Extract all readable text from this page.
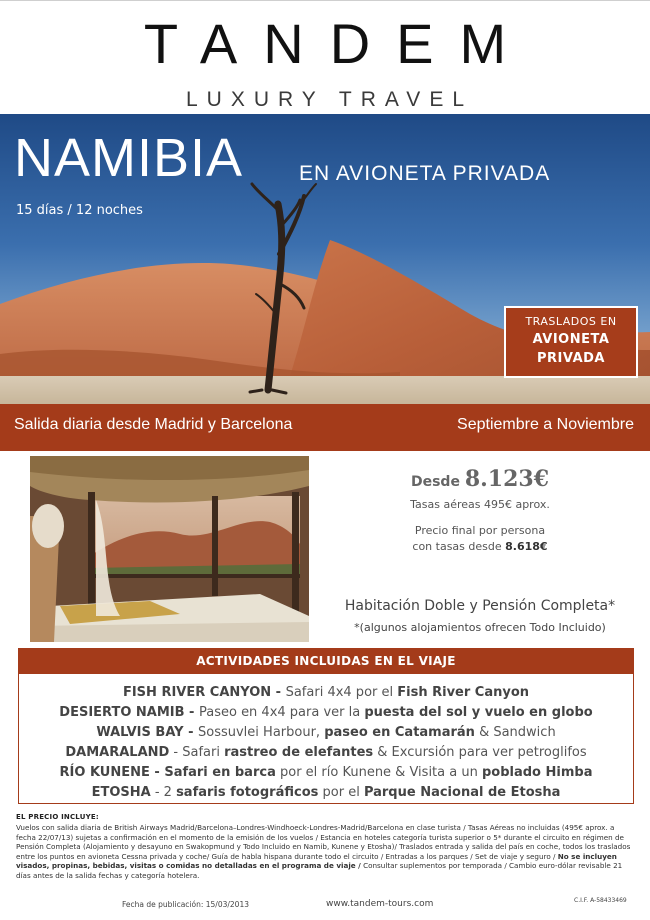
TANDEM
LUXURY TRAVEL
NAMIBIA	EN AVIONETA PRIVADA
15 días / 12 noches
TRASLADOS EN
AVIONETA
PRIVADA
Salida diaria desde Madrid y Barcelona	Septiembre a Noviembre
Desde 8.123€
Tasas aéreas 495€ aprox.
Precio final por persona
con tasas desde 8.618€
Habitación Doble y Pensión Completa*
*(algunos alojamientos ofrecen Todo Incluido)
ACTIVIDADES INCLUIDAS EN EL VIAJE
FISH RIVER CANYON - Safari 4x4 por el Fish River Canyon
DESIERTO NAMIB - Paseo en 4x4 para ver la puesta del sol y vuelo en globo
WALVIS BAY - Sossuvlei Harbour, paseo en Catamarán & Sandwich
DAMARALAND - Safari rastreo de elefantes & Excursión para ver petroglifos
RÍO KUNENE - Safari en barca por el río Kunene & Visita a un poblado Himba
ETOSHA - 2 safaris fotográficos por el Parque Nacional de Etosha
EL PRECIO INCLUYE:
Vuelos con salida diaria de British Airways Madrid/Barcelona–Londres-Windhoeck-Londres-Madrid/Barcelona en clase turista / Tasas Aéreas no incluidas (495€ aprox. a fecha 22/07/13) sujetas a confirmación en el momento de la emisión de los vuelos / Estancia en hoteles categoría turista superior o 5* durante el circuito en régimen de Pensión Completa (Alojamiento y desayuno en Swakopmund y Todo Incluido en Namib, Kunene y Etosha)/ Traslados entrada y salida del país en coche, todos los traslados entre los puntos en avioneta Cessna privada y coche/ Guía de habla hispana durante todo el circuito / Entradas a los parques / Set de viaje y seguro / No se incluyen visados, propinas, bebidas, visitas o comidas no detalladas en el programa de viaje / Consultar suplementos por temporada / Cambio euro-dólar revisable 21 días antes de la salida fechas y categoría hotelera.
Fecha de publicación: 15/03/2013	www.tandem-tours.com	C.I.F. A-58433469
